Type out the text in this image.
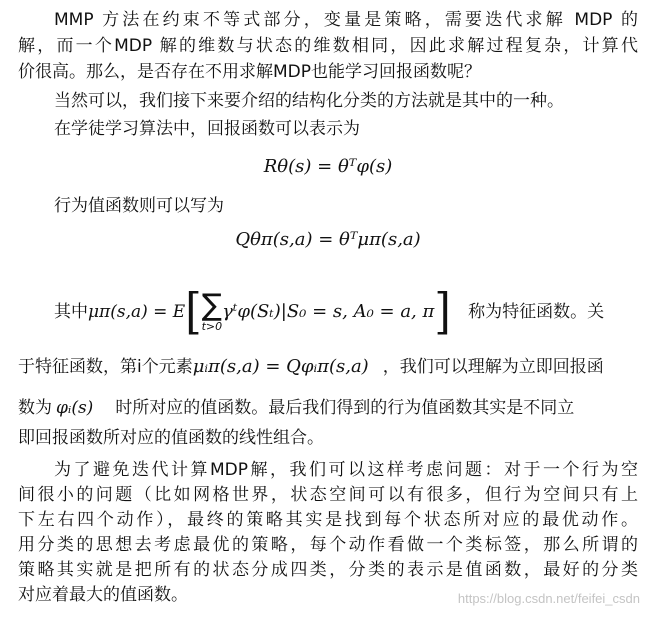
MMP 方法在约束不等式部分，变量是策略，需要迭代求解 MDP 的
解，而一个MDP 解的维数与状态的维数相同，因此求解过程复杂，计算代
价很高。那么，是否存在不用求解MDP也能学习回报函数呢？
当然可以，我们接下来要介绍的结构化分类的方法就是其中的一种。
在学徒学习算法中，回报函数可以表示为
Rθ(s) = θᵀφ(s)
行为值函数则可以写为
Qθπ(s,a) = θᵀμπ(s,a)
其中μπ(s,a) = E[ ∑
t>0
γᵗφ(Sₜ)|S₀ = s, A₀ = a, π] 称为特征函数。关
于特征函数，第i个元素μᵢπ(s,a) = Qφᵢπ(s,a) ，我们可以理解为立即回报函
数为 φᵢ(s) 时所对应的值函数。最后我们得到的行为值函数其实是不同立
即回报函数所对应的值函数的线性组合。
为了避免迭代计算MDP解，我们可以这样考虑问题：对于一个行为空
间很小的问题（比如网格世界，状态空间可以有很多，但行为空间只有上
下左右四个动作），最终的策略其实是找到每个状态所对应的最优动作。
用分类的思想去考虑最优的策略，每个动作看做一个类标签，那么所谓的
策略其实就是把所有的状态分成四类，分类的表示是值函数，最好的分类
对应着最大的值函数。	https://blog.csdn.net/feifei_csdn
